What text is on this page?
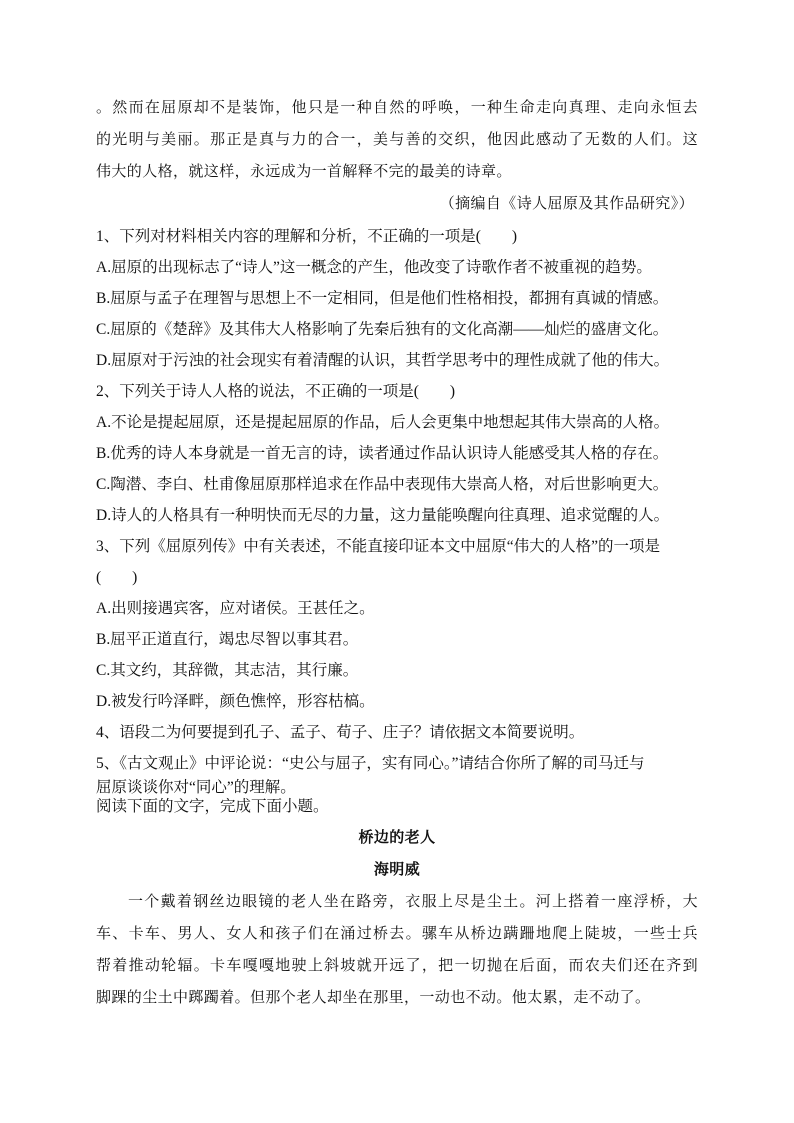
。然而在屈原却不是装饰，他只是一种自然的呼唤，一种生命走向真理、走向永恒去
的光明与美丽。那正是真与力的合一，美与善的交织，他因此感动了无数的人们。这
伟大的人格，就这样，永远成为一首解释不完的最美的诗章。
（摘编自《诗人屈原及其作品研究》）
1、下列对材料相关内容的理解和分析，不正确的一项是(　　)
A.屈原的出现标志了“诗人”这一概念的产生，他改变了诗歌作者不被重视的趋势。
B.屈原与孟子在理智与思想上不一定相同，但是他们性格相投，都拥有真诚的情感。
C.屈原的《楚辞》及其伟大人格影响了先秦后独有的文化高潮——灿烂的盛唐文化。
D.屈原对于污浊的社会现实有着清醒的认识，其哲学思考中的理性成就了他的伟大。
2、下列关于诗人人格的说法，不正确的一项是(　　)
A.不论是提起屈原，还是提起屈原的作品，后人会更集中地想起其伟大崇高的人格。
B.优秀的诗人本身就是一首无言的诗，读者通过作品认识诗人能感受其人格的存在。
C.陶潜、李白、杜甫像屈原那样追求在作品中表现伟大崇高人格，对后世影响更大。
D.诗人的人格具有一种明快而无尽的力量，这力量能唤醒向往真理、追求觉醒的人。
3、下列《屈原列传》中有关表述，不能直接印证本文中屈原“伟大的人格”的一项是
(　　)
A.出则接遇宾客，应对诸侯。王甚任之。
B.屈平正道直行，竭忠尽智以事其君。
C.其文约，其辞微，其志洁，其行廉。
D.被发行吟泽畔，颜色憔悴，形容枯槁。
4、语段二为何要提到孔子、孟子、荀子、庄子？请依据文本简要说明。
5、《古文观止》中评论说：“史公与屈子，实有同心。”请结合你所了解的司马迁与
屈原谈谈你对“同心”的理解。
阅读下面的文字，完成下面小题。
桥边的老人
海明威
一个戴着钢丝边眼镜的老人坐在路旁，衣服上尽是尘土。河上搭着一座浮桥，大
车、卡车、男人、女人和孩子们在涌过桥去。骡车从桥边蹒跚地爬上陡坡，一些士兵
帮着推动轮辐。卡车嘎嘎地驶上斜坡就开远了，把一切抛在后面，而农夫们还在齐到
脚踝的尘土中踯躅着。但那个老人却坐在那里，一动也不动。他太累，走不动了。
